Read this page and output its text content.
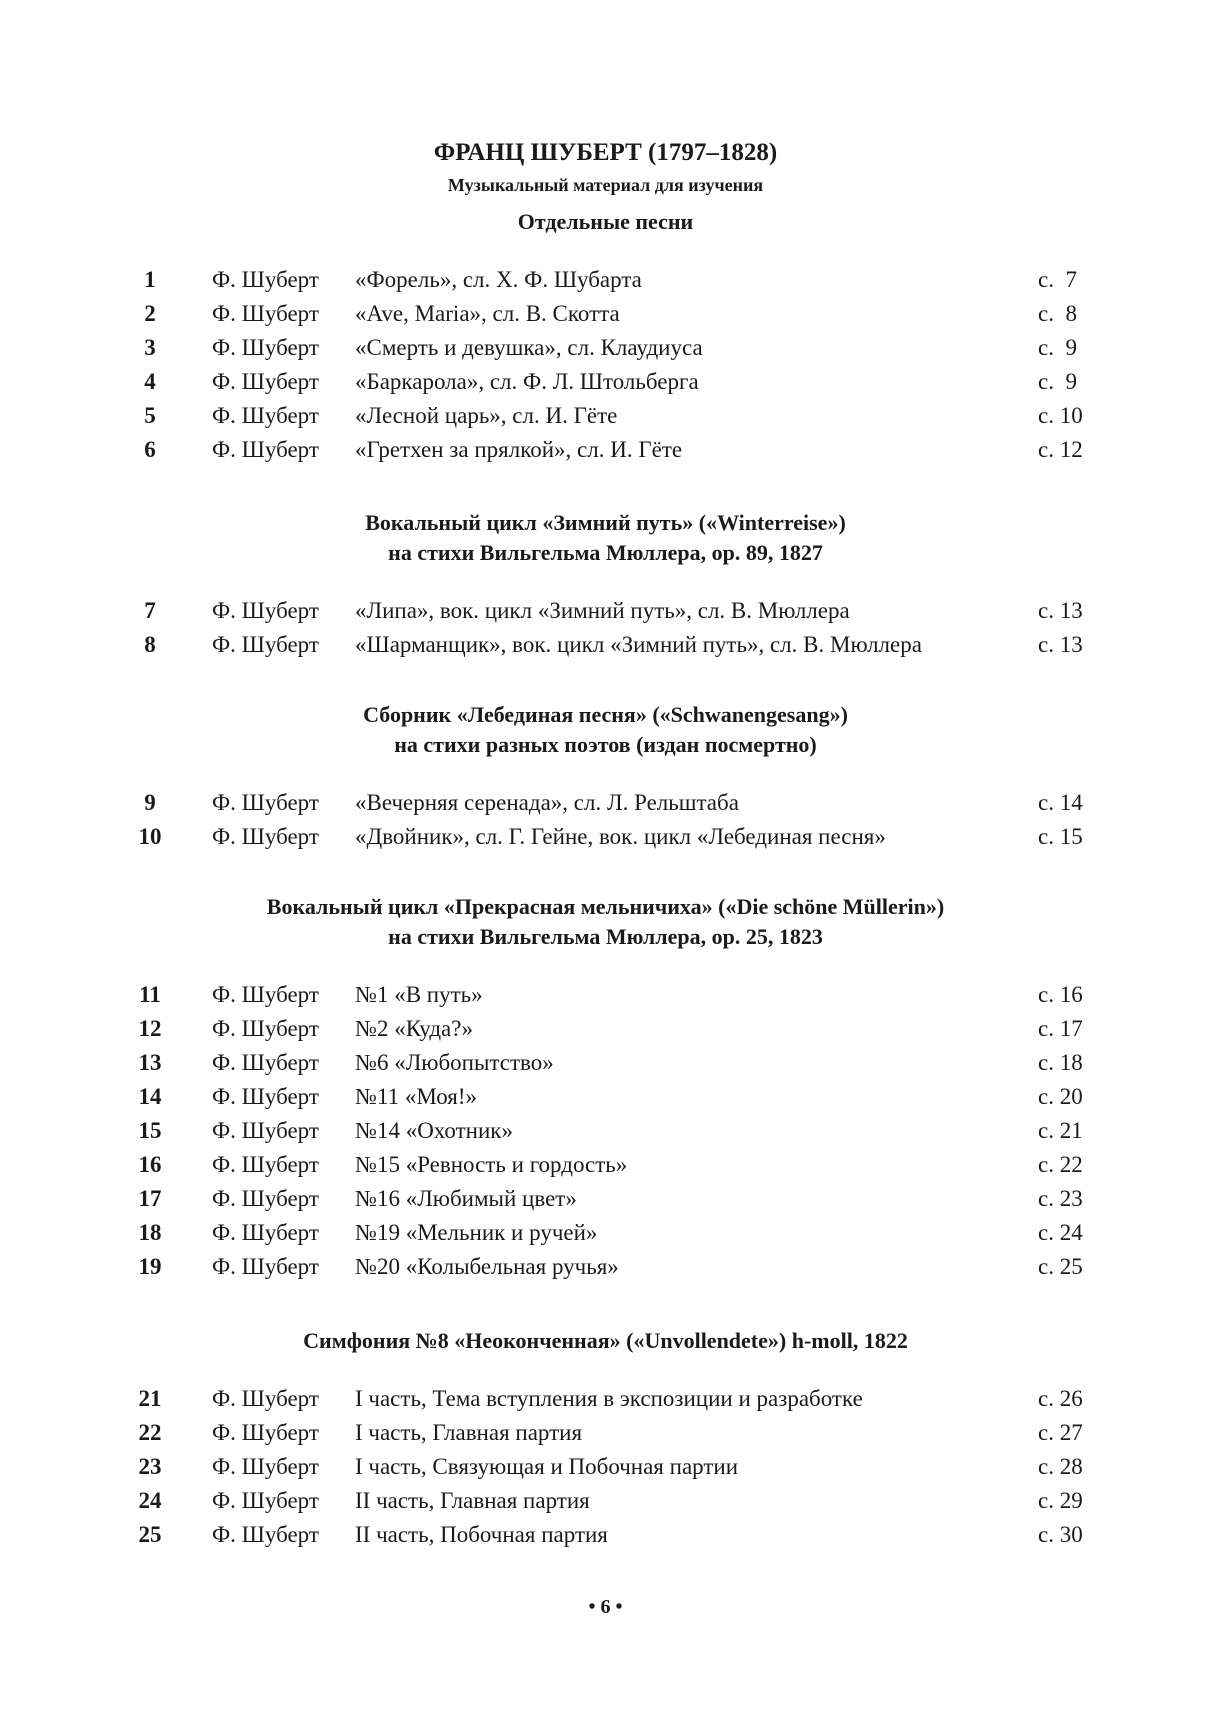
ФРАНЦ ШУБЕРТ (1797–1828)
Музыкальный материал для изучения
Отдельные песни
1	Ф. Шуберт «Форель», сл. Х. Ф. Шубарта	с.  7
2	Ф. Шуберт «Ave, Maria», сл. В. Скотта	с.  8
3	Ф. Шуберт «Смерть и девушка», сл. Клаудиуса	с.  9
4	Ф. Шуберт «Баркарола», сл. Ф. Л. Штольберга	с.  9
5	Ф. Шуберт «Лесной царь», сл. И. Гёте	с. 10
6	Ф. Шуберт «Гретхен за прялкой», сл. И. Гёте	с. 12
Вокальный цикл «Зимний путь» («Winterreise»)
на стихи Вильгельма Мюллера, ор. 89, 1827
7	Ф. Шуберт «Липа», вок. цикл «Зимний путь», сл. В. Мюллера	с. 13
8	Ф. Шуберт «Шарманщик», вок. цикл «Зимний путь», сл. В. Мюллера	с. 13
Сборник «Лебединая песня» («Schwanengesang»)
на стихи разных поэтов (издан посмертно)
9	Ф. Шуберт «Вечерняя серенада», сл. Л. Рельштаба	с. 14
10	Ф. Шуберт «Двойник», сл. Г. Гейне, вок. цикл «Лебединая песня»	с. 15
Вокальный цикл «Прекрасная мельничиха» («Die schöne Müllerin»)
на стихи Вильгельма Мюллера, ор. 25, 1823
11	Ф. Шуберт №1 «В путь»	с. 16
12	Ф. Шуберт №2 «Куда?»	с. 17
13	Ф. Шуберт №6 «Любопытство»	с. 18
14	Ф. Шуберт №11 «Моя!»	с. 20
15	Ф. Шуберт №14 «Охотник»	с. 21
16	Ф. Шуберт №15 «Ревность и гордость»	с. 22
17	Ф. Шуберт №16 «Любимый цвет»	с. 23
18	Ф. Шуберт №19 «Мельник и ручей»	с. 24
19	Ф. Шуберт №20 «Колыбельная ручья»	с. 25
Симфония №8 «Неоконченная» («Unvollendete») h-moll, 1822
21	Ф. Шуберт I часть, Тема вступления в экспозиции и разработке	с. 26
22	Ф. Шуберт I часть, Главная партия	с. 27
23	Ф. Шуберт I часть, Связующая и Побочная партии	с. 28
24	Ф. Шуберт II часть, Главная партия	с. 29
25	Ф. Шуберт II часть, Побочная партия	с. 30
• 6 •
